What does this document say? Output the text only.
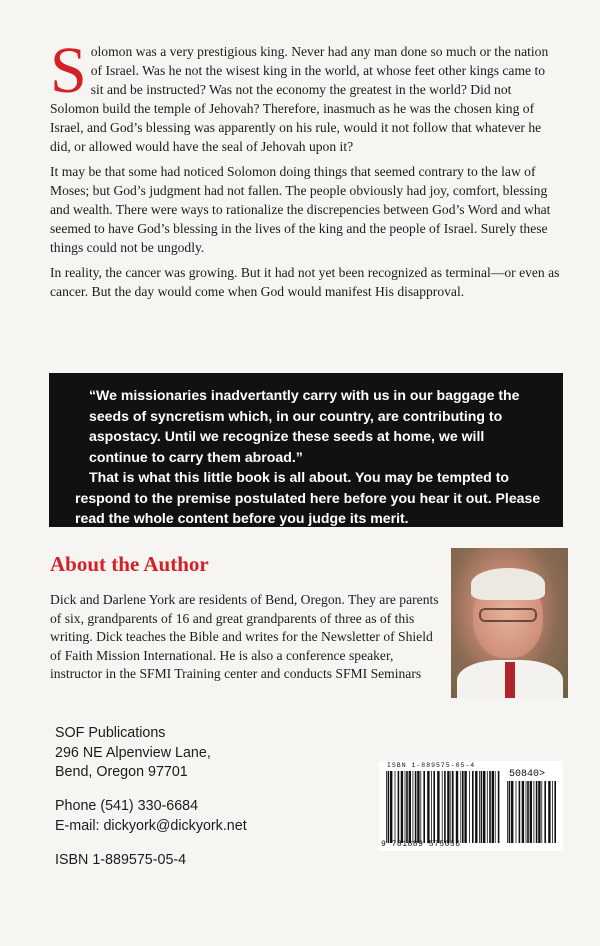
Solomon was a very prestigious king. Never had any man done so much or the nation of Israel. Was he not the wisest king in the world, at whose feet other kings came to sit and be instructed? Was not the economy the greatest in the world? Did not Solomon build the temple of Jehovah? Therefore, inasmuch as he was the chosen king of Israel, and God’s blessing was apparently on his rule, would it not follow that whatever he did, or allowed would have the seal of Jehovah upon it?

It may be that some had noticed Solomon doing things that seemed contrary to the law of Moses; but God’s judgment had not fallen. The people obviously had joy, comfort, blessing and wealth. There were ways to rationalize the discrepencies between God’s Word and what seemed to have God’s blessing in the lives of the king and the people of Israel. Surely these things could not be ungodly.

In reality, the cancer was growing. But it had not yet been recognized as terminal—or even as cancer. But the day would come when God would manifest His disapproval.

“We missionaries inadvertantly carry with us in our baggage the seeds of syncretism which, in our country, are contributing to aspostacy. Until we recognize these seeds at home, we will continue to carry them abroad.”

That is what this little book is all about. You may be tempted to respond to the premise postulated here before you hear it out. Please read the whole content before you judge its merit.

About the Author

Dick and Darlene York are residents of Bend, Oregon. They are parents of six, grandparents of 16 and great grandparents of three as of this writing. Dick teaches the Bible and writes for the Newsletter of Shield of Faith Mission International. He is also a conference speaker, instructor in the SFMI Training center and conducts SFMI Seminars

SOF Publications
296 NE Alpenview Lane,
Bend, Oregon 97701

Phone (541) 330-6684
E-mail: dickyork@dickyork.net

ISBN 1-889575-05-4

ISBN 1-889575-05-4
50840>
9 781889 575056
